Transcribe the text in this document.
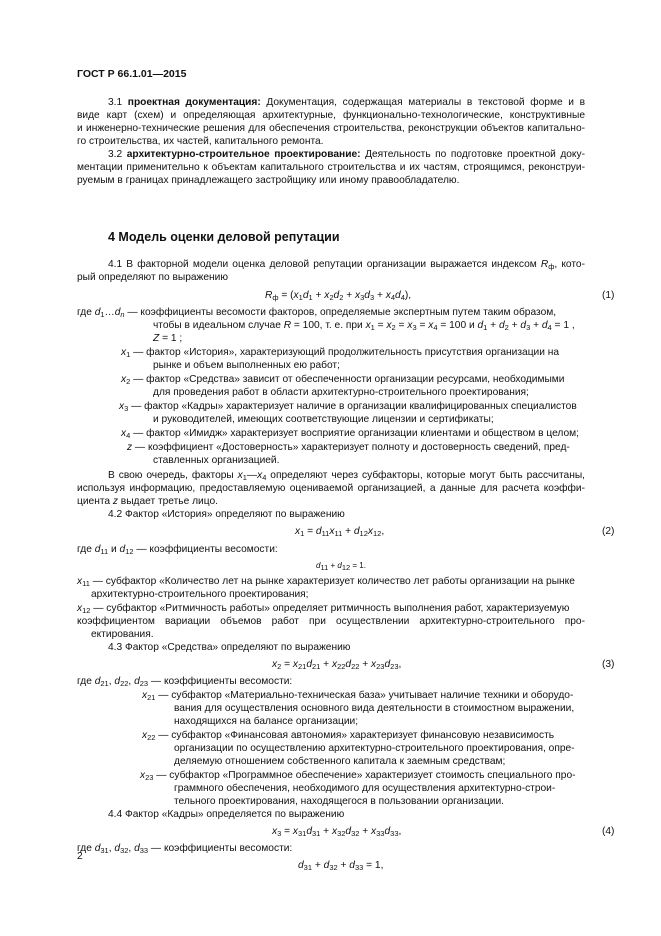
ГОСТ Р 66.1.01—2015
4 Модель оценки деловой репутации
3.1 проектная документация: Документация, содержащая материалы в текстовой форме и в
виде карт (схем) и определяющая архитектурные, функционально-технологические, конструктивные
и инженерно-технические решения для обеспечения строительства, реконструкции объектов капитально-
го строительства, их частей, капитального ремонта.
3.2 архитектурно-строительное проектирование: Деятельность по подготовке проектной доку-
ментации применительно к объектам капитального строительства и их частям, строящимся, реконструи-
руемым в границах принадлежащего застройщику или иному правообладателю.
4.1 В факторной модели оценка деловой репутации организации выражается индексом $R_ф$, кото-
рый определяют по выражению
где $d_1\dots d_n$ — коэффициенты весомости факторов, определяемые экспертным путем таким образом,
чтобы в идеальном случае R = 100, т. е. при $x_1 = x_2 = x_3 = x_4 = 100$ и $d_1 + d_2 + d_3 + d_4 = 1$ ,
Z = 1 ;
$x_1$ — фактор «История», характеризующий продолжительность присутствия организации на
рынке и объем выполненных ею работ;
$x_2$ — фактор «Средства» зависит от обеспеченности организации ресурсами, необходимыми
для проведения работ в области архитектурно-строительного проектирования;
$x_3$ — фактор «Кадры» характеризует наличие в организации квалифицированных специалистов
и руководителей, имеющих соответствующие лицензии и сертификаты;
$x_4$ — фактор «Имидж» характеризует восприятие организации клиентами и обществом в целом;
z — коэффициент «Достоверность» характеризует полноту и достоверность сведений, пред-
ставленных организацией.
В свою очередь, факторы $x_1—x_4$ определяют через субфакторы, которые могут быть рассчитаны,
используя информацию, предоставляемую оцениваемой организацией, а данные для расчета коэффи-
циента z выдает третье лицо.
4.2 Фактор «История» определяют по выражению
где $d_{11}$ и $d_{12}$ — коэффициенты весомости:
$x_{11}$ — субфактор «Количество лет на рынке характеризует количество лет работы организации на рынке
архитектурно-строительного проектирования;
$x_{12}$ — субфактор «Ритмичность работы» определяет ритмичность выполнения работ, характеризуемую
коэффициентом вариации объемов работ при осуществлении архитектурно-строительного про-
ектирования.
4.3 Фактор «Средства» определяют по выражению
где $d_{21}$, $d_{22}$, $d_{23}$ — коэффициенты весомости:
$x_{21}$ — субфактор «Материально-техническая база» учитывает наличие техники и оборудо-
вания для осуществления основного вида деятельности в стоимостном выражении,
находящихся на балансе организации;
$x_{22}$ — субфактор «Финансовая автономия» характеризует финансовую независимость
организации по осуществлению архитектурно-строительного проектирования, опре-
деляемую отношением собственного капитала к заемным средствам;
$x_{23}$ — субфактор «Программное обеспечение» характеризует стоимость специального про-
граммного обеспечения, необходимого для осуществления архитектурно-строи-
тельного проектирования, находящегося в пользовании организации.
4.4 Фактор «Кадры» определяется по выражению
где $d_{31}$, $d_{32}$, $d_{33}$ — коэффициенты весомости:
$R_ф = (x_1d_1 + x_2d_2 + x_3d_3 + x_4d_4)$,	(1)
$x_1 = d_{11}x_{11} + d_{12}x_{12}$,	(2)
$d_{11} + d_{12} = 1$.
$x_2 = x_{21}d_{21} + x_{22}d_{22} + x_{23}d_{23}$,	(3)
$x_3 = x_{31}d_{31} + x_{32}d_{32} + x_{33}d_{33}$,	(4)
$d_{31} + d_{32} + d_{33} = 1$,
2
